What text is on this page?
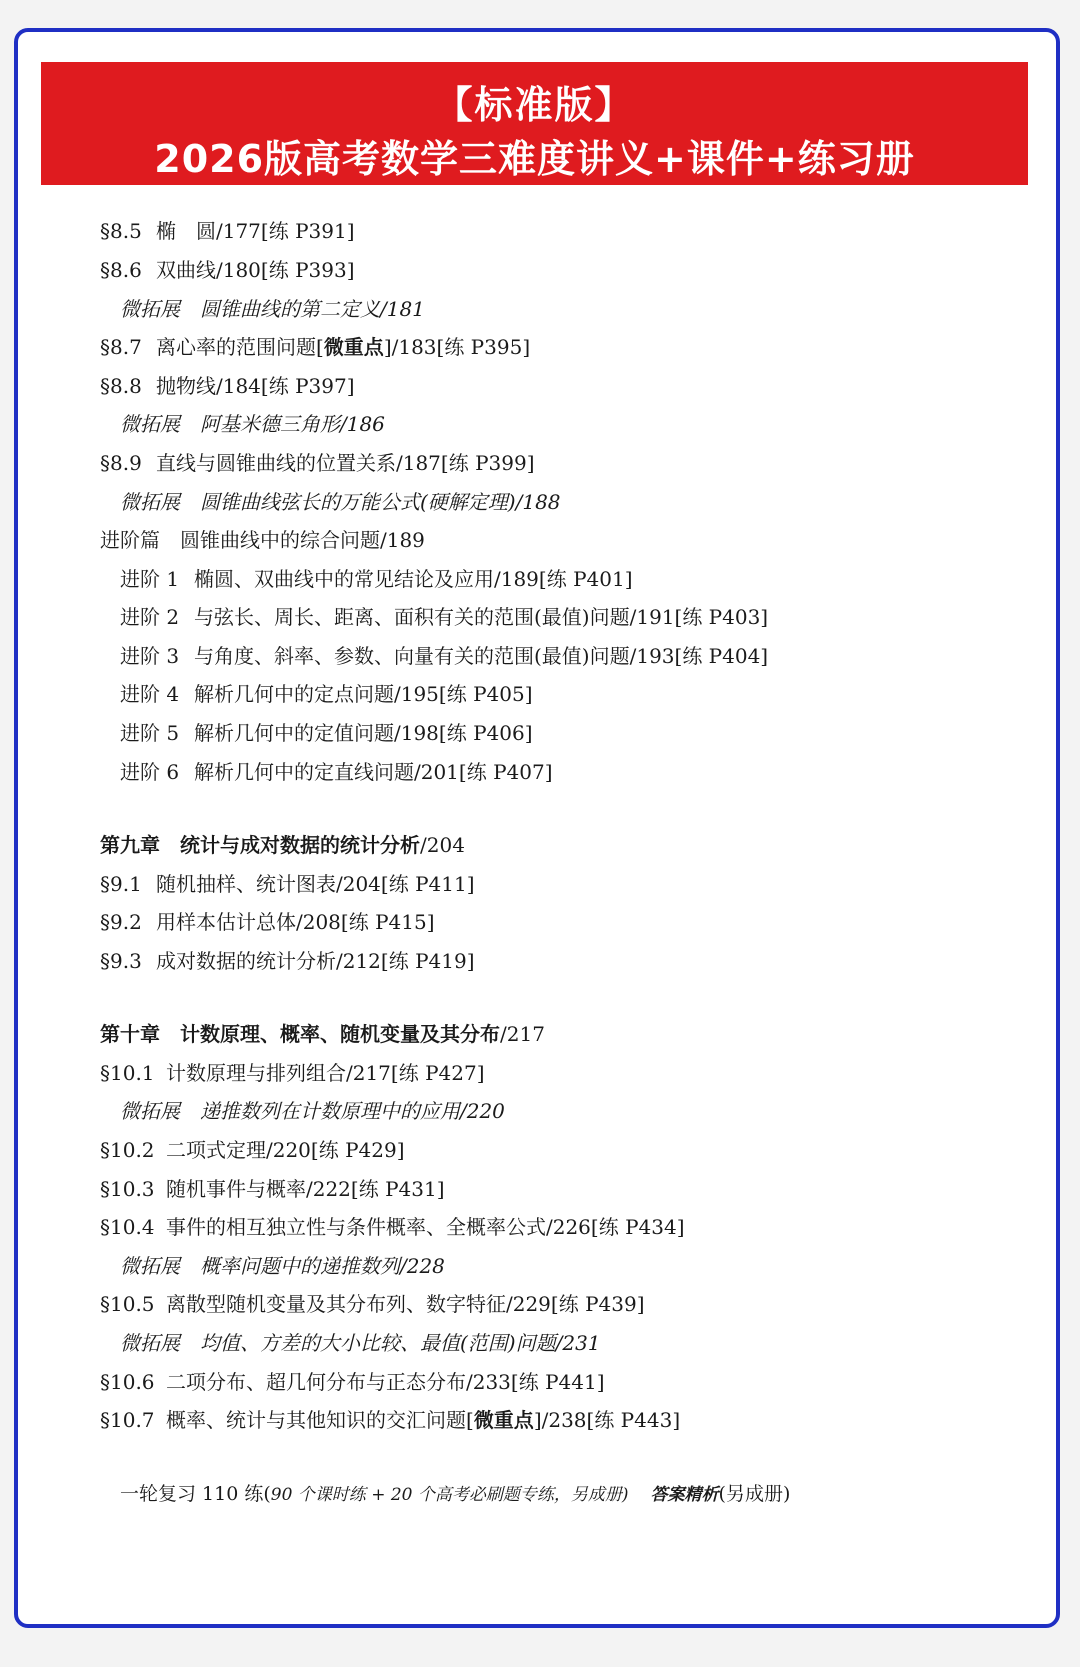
【标准版】
2026版高考数学三难度讲义+课件+练习册
§8.5 椭　圆/177[练 P391]
§8.6 双曲线/180[练 P393]
微拓展 圆锥曲线的第二定义/181
§8.7 离心率的范围问题[微重点]/183[练 P395]
§8.8 抛物线/184[练 P397]
微拓展 阿基米德三角形/186
§8.9 直线与圆锥曲线的位置关系/187[练 P399]
微拓展 圆锥曲线弦长的万能公式(硬解定理)/188
进阶篇 圆锥曲线中的综合问题/189
进阶 1 椭圆、双曲线中的常见结论及应用/189[练 P401]
进阶 2 与弦长、周长、距离、面积有关的范围(最值)问题/191[练 P403]
进阶 3 与角度、斜率、参数、向量有关的范围(最值)问题/193[练 P404]
进阶 4 解析几何中的定点问题/195[练 P405]
进阶 5 解析几何中的定值问题/198[练 P406]
进阶 6 解析几何中的定直线问题/201[练 P407]
第九章 统计与成对数据的统计分析/204
§9.1 随机抽样、统计图表/204[练 P411]
§9.2 用样本估计总体/208[练 P415]
§9.3 成对数据的统计分析/212[练 P419]
第十章 计数原理、概率、随机变量及其分布/217
§10.1 计数原理与排列组合/217[练 P427]
微拓展 递推数列在计数原理中的应用/220
§10.2 二项式定理/220[练 P429]
§10.3 随机事件与概率/222[练 P431]
§10.4 事件的相互独立性与条件概率、全概率公式/226[练 P434]
微拓展 概率问题中的递推数列/228
§10.5 离散型随机变量及其分布列、数字特征/229[练 P439]
微拓展 均值、方差的大小比较、最值(范围)问题/231
§10.6 二项分布、超几何分布与正态分布/233[练 P441]
§10.7 概率、统计与其他知识的交汇问题[微重点]/238[练 P443]
一轮复习 110 练(90 个课时练 + 20 个高考必刷题专练，另成册) 答案精析(另成册)
